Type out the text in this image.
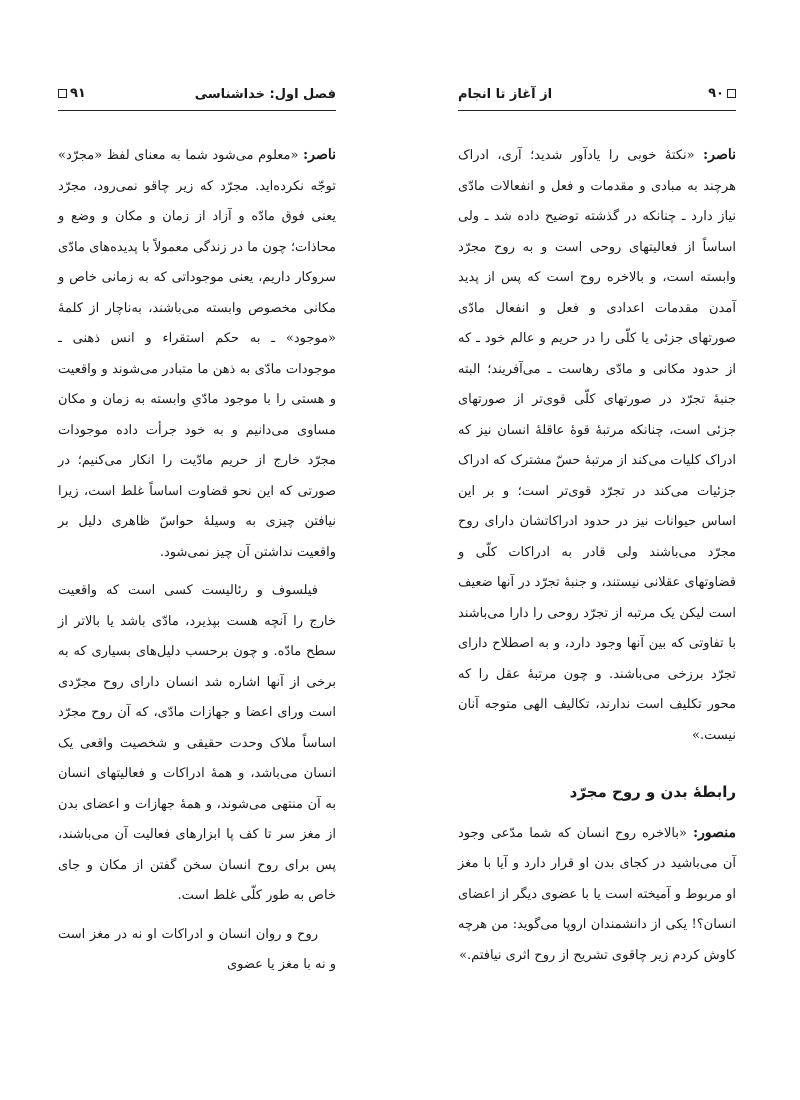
۹۰
از آغاز تا انجام

ناصر: «نکتهٔ خوبی را یادآور شدید؛ آری، ادراک هرچند به مبادی و مقدمات و فعل و انفعالات مادّی نیاز دارد ـ چنانکه در گذشته توضیح داده شد ـ ولی اساساً از فعالیتهای روحی است و به روح مجرّد وابسته است، و بالاخره روح است که پس از پدید آمدن مقدمات اعدادی و فعل و انفعال مادّی صورتهای جزئی یا کلّی را در حریم و عالم خود ـ که از حدود مکانی و مادّی رهاست ـ می‌آفریند؛ البته جنبهٔ تجرّد در صورتهای کلّی قوی‌تر از صورتهای جزئی است، چنانکه مرتبهٔ قوهٔ عاقلهٔ انسان نیز که ادراک کلیات می‌کند از مرتبهٔ حسّ مشترک که ادراک جزئیات می‌کند در تجرّد قوی‌تر است؛ و بر این اساس حیوانات نیز در حدود ادراکاتشان دارای روح مجرّد می‌باشند ولی قادر به ادراکات کلّی و قضاوتهای عقلانی نیستند، و جنبهٔ تجرّد در آنها ضعیف است لیکن یک مرتبه از تجرّد روحی را دارا می‌باشند با تفاوتی که بین آنها وجود دارد، و به اصطلاح دارای تجرّد برزخی می‌باشند. و چون مرتبهٔ عقل را که محور تکلیف است ندارند، تکالیف الهی متوجه آنان نیست.»

رابطهٔ بدن و روح مجرّد

منصور: «بالاخره روح انسان که شما مدّعی وجود آن می‌باشید در کجای بدن او قرار دارد و آیا با مغز او مربوط و آمیخته است یا با عضوی دیگر از اعضای انسان؟! یکی از دانشمندان اروپا می‌گوید: من هرچه کاوش کردم زیر چاقوی تشریح از روح اثری نیافتم.»

۹۱	فصل اول: خداشناسی

ناصر: «معلوم می‌شود شما به معنای لفظ «مجرّد» توجّه نکرده‌اید. مجرّد که زیر چاقو نمی‌رود، مجرّد یعنی فوق مادّه و آزاد از زمان و مکان و وضع و محاذات؛ چون ما در زندگی معمولاً با پدیده‌های مادّی سروکار داریم، یعنی موجوداتی که به زمانی خاص و مکانی مخصوص وابسته می‌باشند، به‌ناچار از کلمهٔ «موجود» ـ به حکم استقراء و انس ذهنی ـ موجودات مادّی به ذهن ما متبادر می‌شوند و واقعیت و هستی را با موجود مادّیِ وابسته به زمان و مکان مساوی می‌دانیم و به خود جرأت داده موجودات مجرّد خارج از حریم مادّیت را انکار می‌کنیم؛ در صورتی که این نحو قضاوت اساساً غلط است، زیرا نیافتن چیزی به وسیلهٔ حواسّ ظاهری دلیل بر واقعیت نداشتن آن چیز نمی‌شود.

فیلسوف و رئالیست کسی است که واقعیت خارج را آنچه هست بپذیرد، مادّی باشد یا بالاتر از سطح مادّه. و چون برحسب دلیل‌های بسیاری که به برخی از آنها اشاره شد انسان دارای روح مجرّدی است ورای اعضا و جهازات مادّی، که آن روح مجرّد اساساً ملاک وحدت حقیقی و شخصیت واقعی یک انسان می‌باشد، و همهٔ ادراکات و فعالیتهای انسان به آن منتهی می‌شوند، و همهٔ جهازات و اعضای بدن از مغز سر تا کف پا ابزارهای فعالیت آن می‌باشند، پس برای روح انسان سخن گفتن از مکان و جای خاص به طور کلّی غلط است.

روح و روان انسان و ادراکات او نه در مغز است و نه با مغز یا عضوی
